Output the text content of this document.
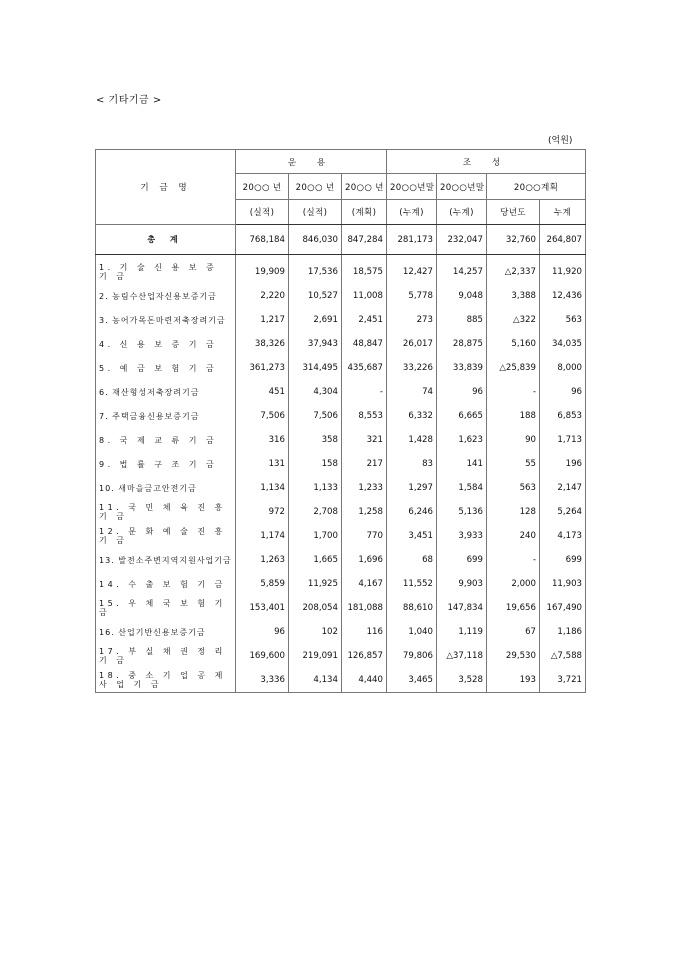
< 기타기금 >
(억원)
기 금 명	운 용			조 성			
	20○○ 년	20○○ 년	20○○ 년	20○○년말	20○○년말	20○○계획	
	(실적)	(실적)	(계획)	(누계)	(누계)	당년도	누계
총 계	768,184	846,030	847,284	281,173	232,047	32,760	264,807

1. 기 술 신 용 보 증 기 금	19,909	17,536	18,575	12,427	14,257	△2,337	11,920
2. 농림수산업자신용보증기금	2,220	10,527	11,008	5,778	9,048	3,388	12,436
3. 농어가목돈마련저축장려기금	1,217	2,691	2,451	273	885	△322	563
4. 신 용 보 증 기 금	38,326	37,943	48,847	26,017	28,875	5,160	34,035
5. 예 금 보 험 기 금	361,273	314,495	435,687	33,226	33,839	△25,839	8,000
6. 재산형성저축장려기금	451	4,304	-	74	96	-	96
7. 주택금융신용보증기금	7,506	7,506	8,553	6,332	6,665	188	6,853
8. 국 제 교 류 기 금	316	358	321	1,428	1,623	90	1,713
9. 법 률 구 조 기 금	131	158	217	83	141	55	196
10. 새마을금고안전기금	1,134	1,133	1,233	1,297	1,584	563	2,147
11. 국 민 체 육 진 흥 기 금	972	2,708	1,258	6,246	5,136	128	5,264
12. 문 화 예 술 진 흥 기 금	1,174	1,700	770	3,451	3,933	240	4,173
13. 발전소주변지역지원사업기금	1,263	1,665	1,696	68	699	-	699
14. 수 출 보 험 기 금	5,859	11,925	4,167	11,552	9,903	2,000	11,903
15. 우 체 국 보 험 기 금	153,401	208,054	181,088	88,610	147,834	19,656	167,490
16. 산업기반신용보증기금	96	102	116	1,040	1,119	67	1,186
17. 부 실 채 권 정 리 기 금	169,600	219,091	126,857	79,806	△37,118	29,530	△7,588
18. 중 소 기 업 공 제 사 업 기 금	3,336	4,134	4,440	3,465	3,528	193	3,721
